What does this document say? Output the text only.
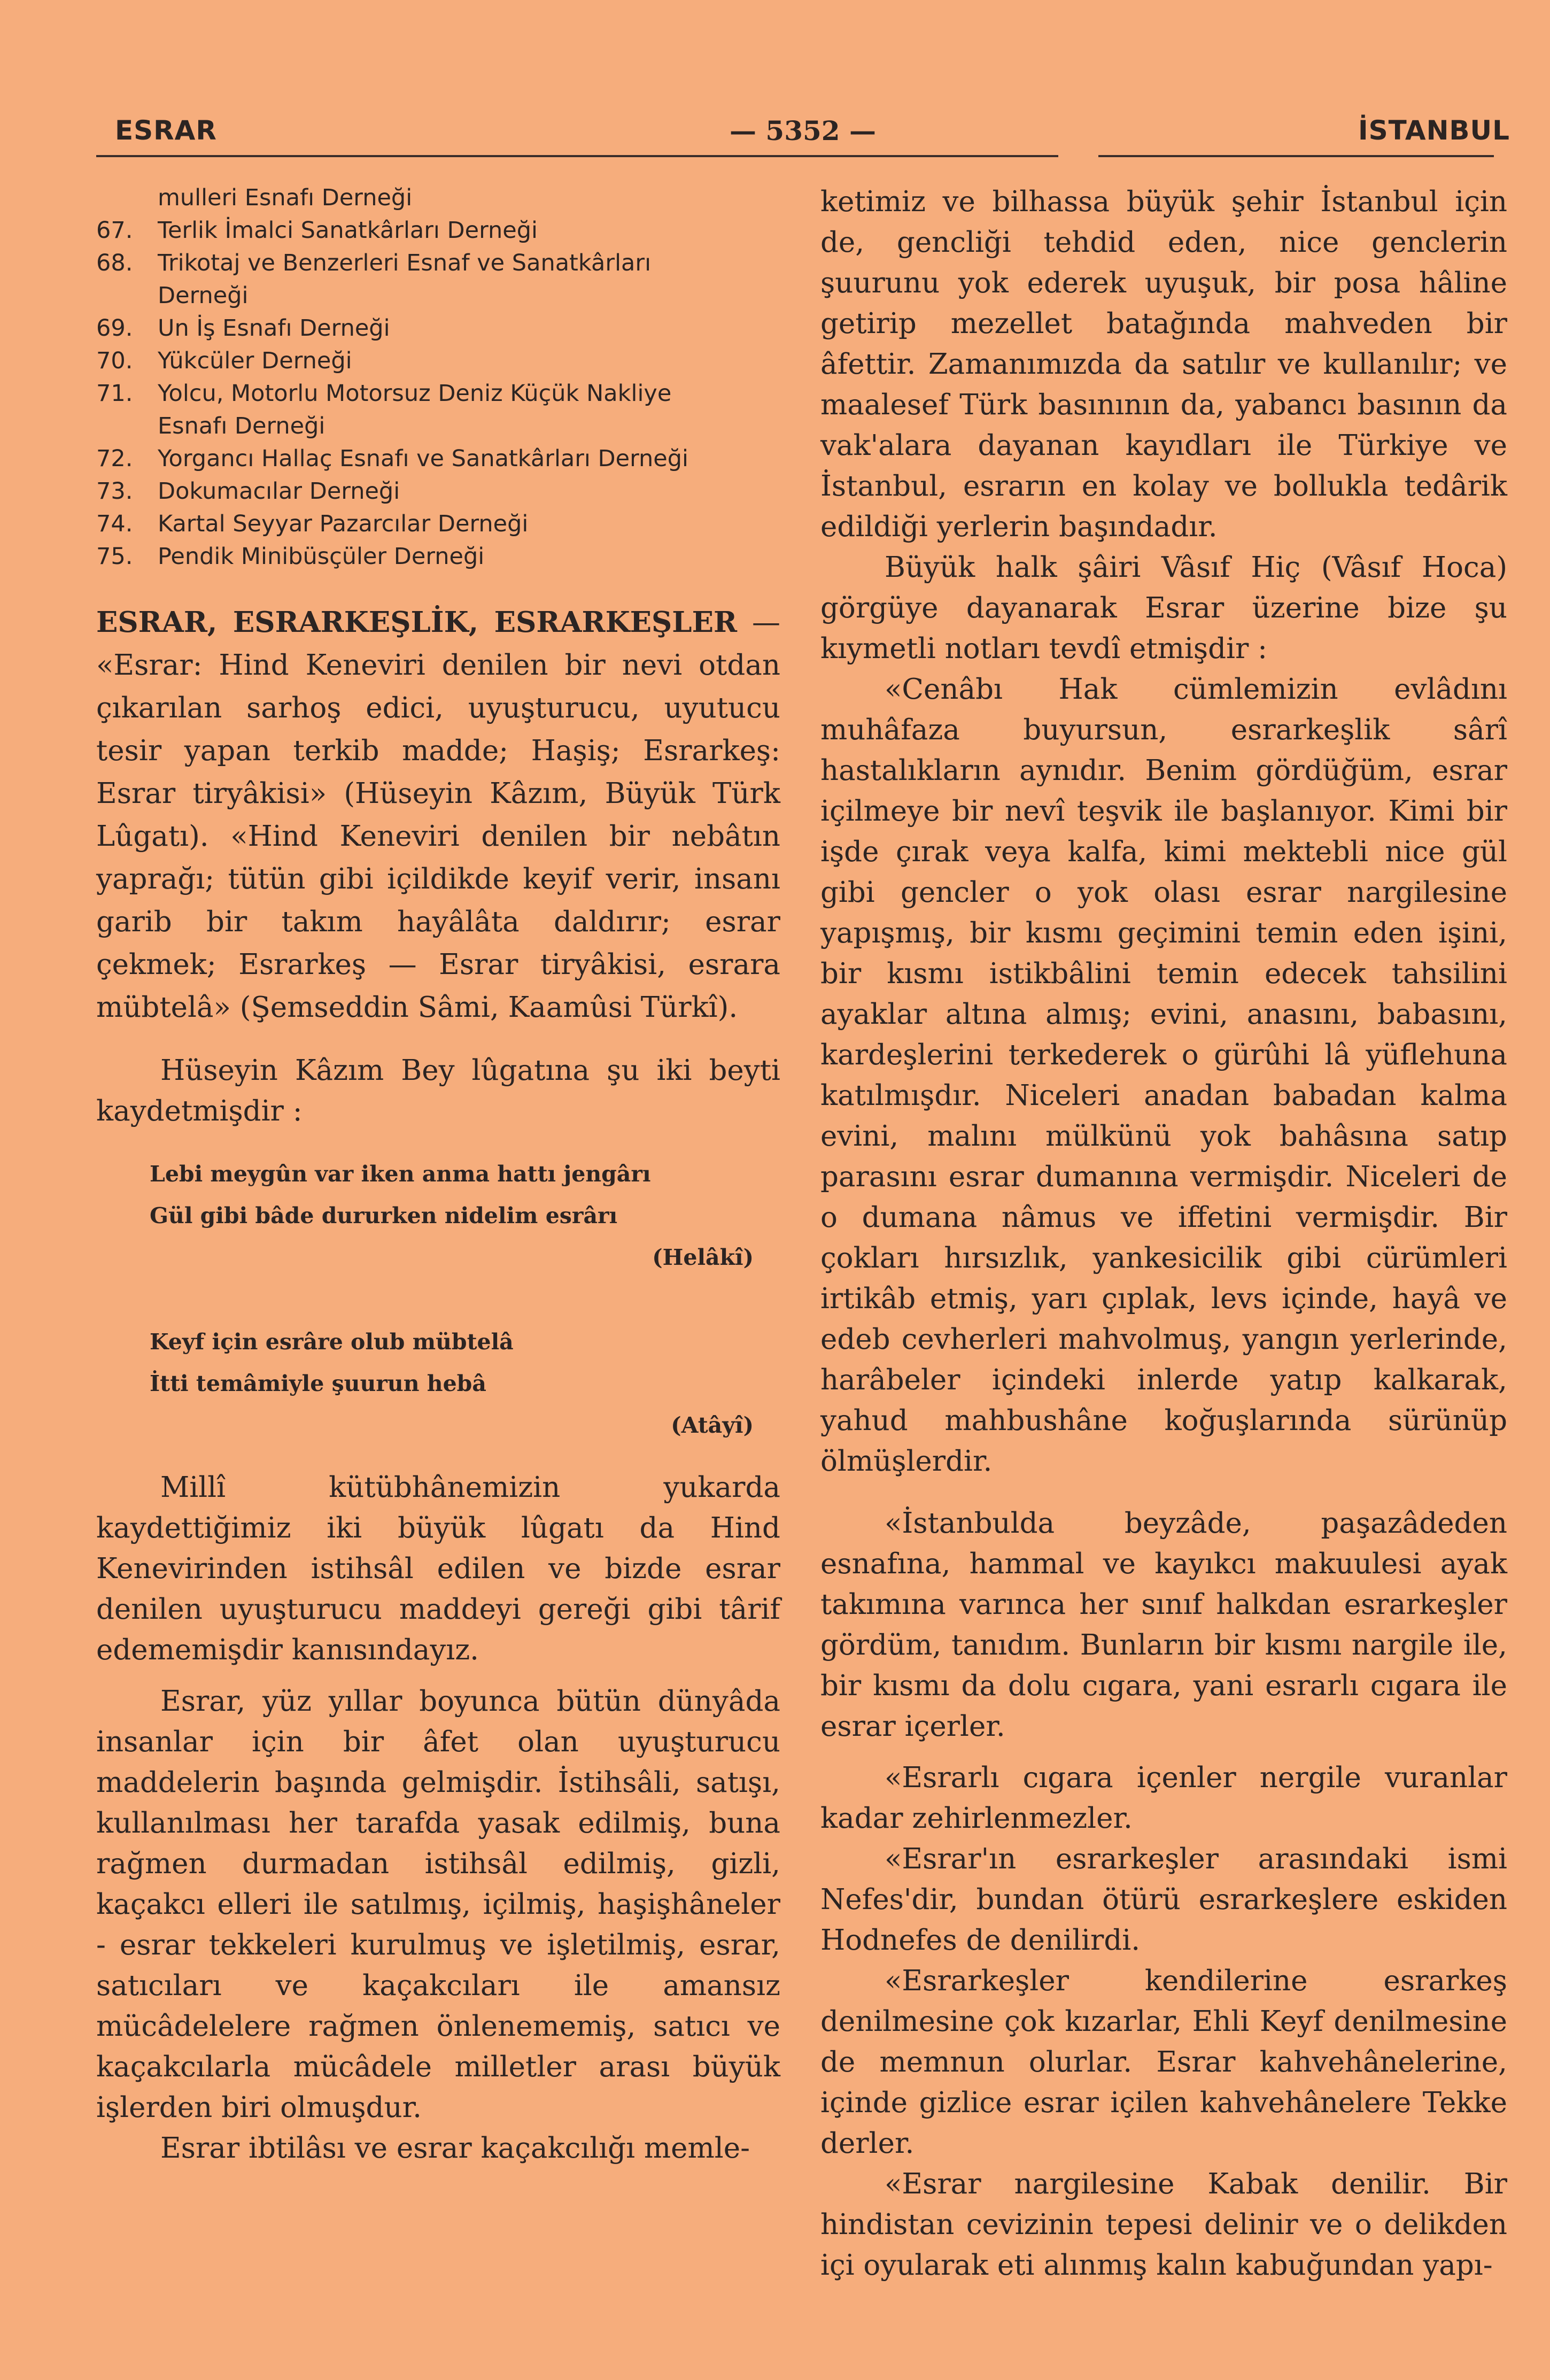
ESRAR	— 5352 —	İSTANBUL
mulleri Esnafı Derneği
67.	Terlik İmalci Sanatkârları Derneği
68.	Trikotaj ve Benzerleri Esnaf ve Sanatkârları
Derneği
69.	Un İş Esnafı Derneği
70.	Yükcüler Derneği
71.	Yolcu, Motorlu Motorsuz Deniz Küçük Nakliye
Esnafı Derneği
72.	Yorgancı Hallaç Esnafı ve Sanatkârları Derneği
73.	Dokumacılar Derneği
74.	Kartal Seyyar Pazarcılar Derneği
75.	Pendik Minibüsçüler Derneği
ESRAR, ESRARKEŞLİK, ESRARKEŞLER — «Esrar: Hind Keneviri denilen bir nevi otdan çıkarılan sarhoş edici, uyuşturucu, uyutucu tesir yapan terkib madde; Haşiş; Esrarkeş: Esrar tiryâkisi» (Hüseyin Kâzım, Büyük Türk Lûgatı). «Hind Keneviri denilen bir nebâtın yaprağı; tütün gibi içildikde keyif verir, insanı garib bir takım hayâlâta daldırır; esrar çekmek; Esrarkeş — Esrar tiryâkisi, esrara mübtelâ» (Şemseddin Sâmi, Kaamûsi Türkî).

Hüseyin Kâzım Bey lûgatına şu iki beyti kaydetmişdir :

Lebi meygûn var iken anma hattı jengârı
Gül gibi bâde dururken nidelim esrârı
(Helâkî)
Keyf için esrâre olub mübtelâ
İtti temâmiyle şuurun hebâ
(Atâyî)

Millî kütübhânemizin yukarda kaydettiğimiz iki büyük lûgatı da Hind Kenevirinden istihsâl edilen ve bizde esrar denilen uyuşturucu maddeyi gereği gibi târif edememişdir kanısındayız.

Esrar, yüz yıllar boyunca bütün dünyâda insanlar için bir âfet olan uyuşturucu maddelerin başında gelmişdir. İstihsâli, satışı, kullanılması her tarafda yasak edilmiş, buna rağmen durmadan istihsâl edilmiş, gizli, kaçakcı elleri ile satılmış, içilmiş, haşişhâneler - esrar tekkeleri kurulmuş ve işletilmiş, esrar, satıcıları ve kaçakcıları ile amansız mücâdelelere rağmen önlenememiş, satıcı ve kaçakcılarla mücâdele milletler arası büyük işlerden biri olmuşdur.

Esrar ibtilâsı ve esrar kaçakcılığı memle-

ketimiz ve bilhassa büyük şehir İstanbul için de, gencliği tehdid eden, nice genclerin şuurunu yok ederek uyuşuk, bir posa hâline getirip mezellet batağında mahveden bir âfettir. Zamanımızda da satılır ve kullanılır; ve maalesef Türk basınının da, yabancı basının da vak'alara dayanan kayıdları ile Türkiye ve İstanbul, esrarın en kolay ve bollukla tedârik edildiği yerlerin başındadır.

Büyük halk şâiri Vâsıf Hiç (Vâsıf Hoca) görgüye dayanarak Esrar üzerine bize şu kıymetli notları tevdî etmişdir :

«Cenâbı Hak cümlemizin evlâdını muhâfaza buyursun, esrarkeşlik sârî hastalıkların aynıdır. Benim gördüğüm, esrar içilmeye bir nevî teşvik ile başlanıyor. Kimi bir işde çırak veya kalfa, kimi mektebli nice gül gibi gencler o yok olası esrar nargilesine yapışmış, bir kısmı geçimini temin eden işini, bir kısmı istikbâlini temin edecek tahsilini ayaklar altına almış; evini, anasını, babasını, kardeşlerini terkederek o gürûhi lâ yüflehuna katılmışdır. Niceleri anadan babadan kalma evini, malını mülkünü yok bahâsına satıp parasını esrar dumanına vermişdir. Niceleri de o dumana nâmus ve iffetini vermişdir. Bir çokları hırsızlık, yankesicilik gibi cürümleri irtikâb etmiş, yarı çıplak, levs içinde, hayâ ve edeb cevherleri mahvolmuş, yangın yerlerinde, harâbeler içindeki inlerde yatıp kalkarak, yahud mahbushâne koğuşlarında sürünüp ölmüşlerdir.

«İstanbulda beyzâde, paşazâdeden esnafına, hammal ve kayıkcı makuulesi ayak takımına varınca her sınıf halkdan esrarkeşler gördüm, tanıdım. Bunların bir kısmı nargile ile, bir kısmı da dolu cıgara, yani esrarlı cıgara ile esrar içerler.

«Esrarlı cıgara içenler nergile vuranlar kadar zehirlenmezler.

«Esrar'ın esrarkeşler arasındaki ismi Nefes'dir, bundan ötürü esrarkeşlere eskiden Hodnefes de denilirdi.

«Esrarkeşler kendilerine esrarkeş denilmesine çok kızarlar, Ehli Keyf denilmesine de memnun olurlar. Esrar kahvehânelerine, içinde gizlice esrar içilen kahvehânelere Tekke derler.

«Esrar nargilesine Kabak denilir. Bir hindistan cevizinin tepesi delinir ve o delikden içi oyularak eti alınmış kalın kabuğundan yapı-
